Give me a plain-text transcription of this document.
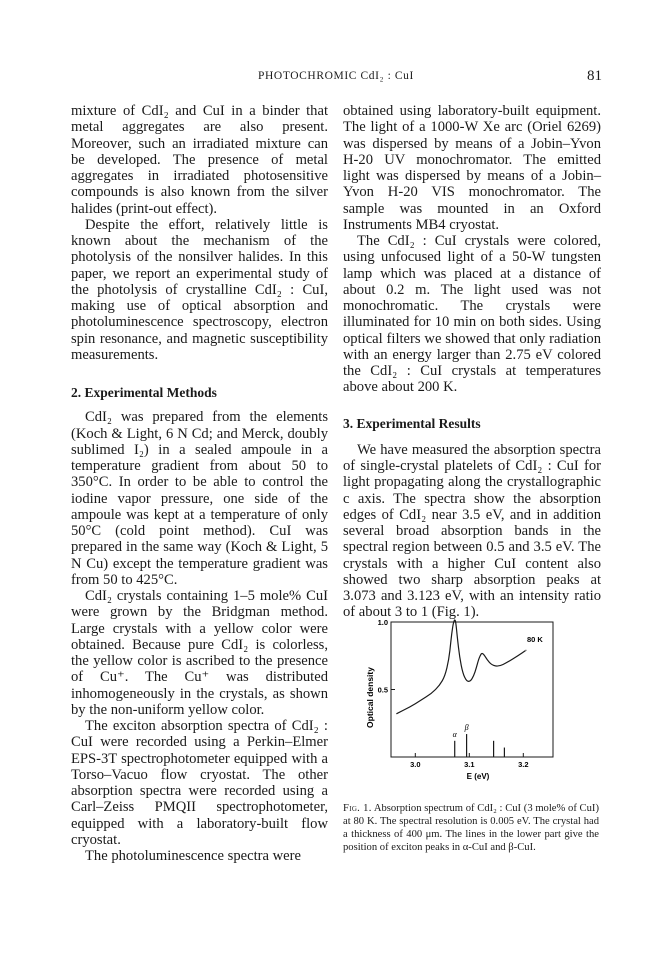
PHOTOCHROMIC CdI₂ : CuI	81

mixture of CdI₂ and CuI in a binder that metal aggregates are also present. Moreover, such an irradiated mixture can be developed. The presence of metal aggregates in irradiated photosensitive compounds is also known from the silver halides (print-out effect).

Despite the effort, relatively little is known about the mechanism of the photolysis of the nonsilver halides. In this paper, we report an experimental study of the photolysis of crystalline CdI₂ : CuI, making use of optical absorption and photoluminescence spectroscopy, electron spin resonance, and magnetic susceptibility measurements.

2. Experimental Methods

CdI₂ was prepared from the elements (Koch & Light, 6 N Cd; and Merck, doubly sublimed I₂) in a sealed ampoule in a temperature gradient from about 50 to 350°C. In order to be able to control the iodine vapor pressure, one side of the ampoule was kept at a temperature of only 50°C (cold point method). CuI was prepared in the same way (Koch & Light, 5 N Cu) except the temperature gradient was from 50 to 425°C.

CdI₂ crystals containing 1–5 mole% CuI were grown by the Bridgman method. Large crystals with a yellow color were obtained. Because pure CdI₂ is colorless, the yellow color is ascribed to the presence of Cu⁺. The Cu⁺ was distributed inhomogeneously in the crystals, as shown by the non-uniform yellow color.

The exciton absorption spectra of CdI₂ : CuI were recorded using a Perkin–Elmer EPS-3T spectrophotometer equipped with a Torso–Vacuo flow cryostat. The other absorption spectra were recorded using a Carl–Zeiss PMQII spectrophotometer, equipped with a laboratory-built flow cryostat.

The photoluminescence spectra were

obtained using laboratory-built equipment. The light of a 1000-W Xe arc (Oriel 6269) was dispersed by means of a Jobin–Yvon H-20 UV monochromator. The emitted light was dispersed by means of a Jobin–Yvon H-20 VIS monochromator. The sample was mounted in an Oxford Instruments MB4 cryostat.

The CdI₂ : CuI crystals were colored, using unfocused light of a 50-W tungsten lamp which was placed at a distance of about 0.2 m. The light used was not monochromatic. The crystals were illuminated for 10 min on both sides. Using optical filters we showed that only radiation with an energy larger than 2.75 eV colored the CdI₂ : CuI crystals at temperatures above about 200 K.

3. Experimental Results

We have measured the absorption spectra of single-crystal platelets of CdI₂ : CuI for light propagating along the crystallographic c axis. The spectra show the absorption edges of CdI₂ near 3.5 eV, and in addition several broad absorption bands in the spectral region between 0.5 and 3.5 eV. The crystals with a higher CuI content also showed two sharp absorption peaks at 3.073 and 3.123 eV, with an intensity ratio of about 3 to 1 (Fig. 1).

1.0
0.5
3.0	3.1	3.2
α
β
Optical density
E (eV)
80 K
Fig. 1. Absorption spectrum of CdI₂ : CuI (3 mole% of CuI) at 80 K. The spectral resolution is 0.005 eV. The crystal had a thickness of 400 μm. The lines in the lower part give the position of exciton peaks in α-CuI and β-CuI.
